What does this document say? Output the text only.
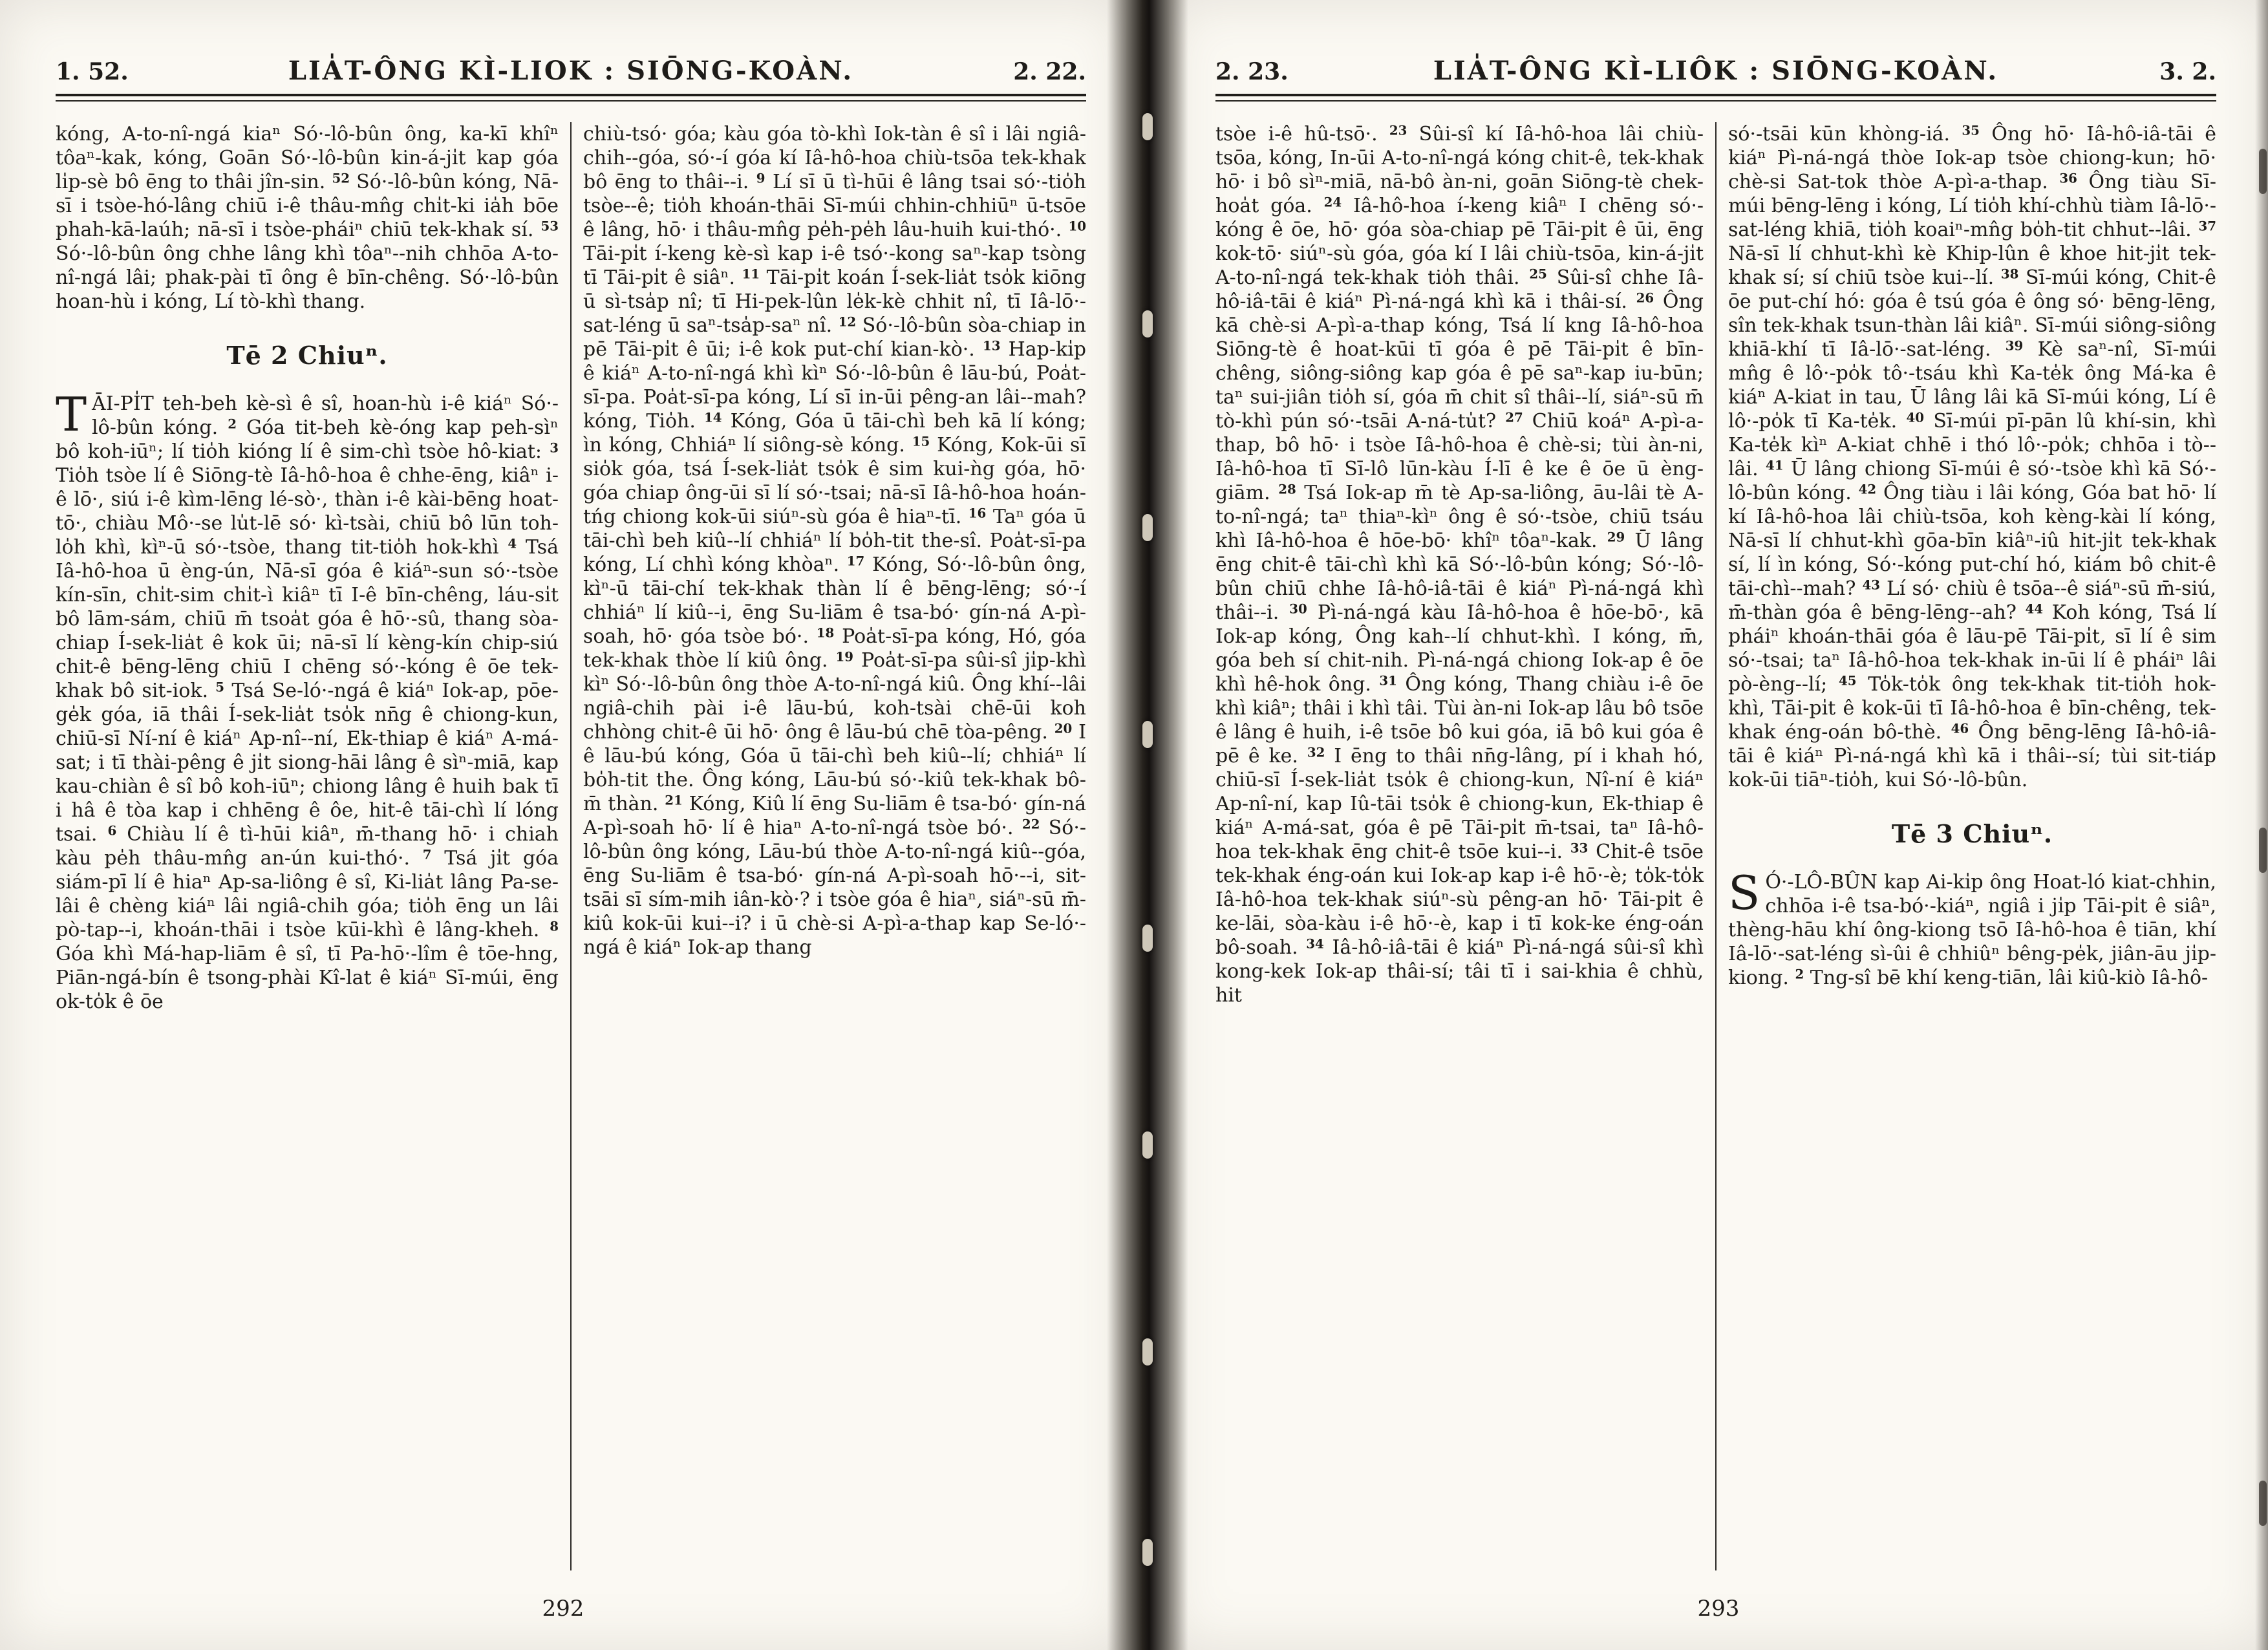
1. 52.	LIA̍T-ÔNG KÌ-LIOK : SIŌNG-KOÀN.	2. 22.
kóng, A-to-nî-ngá kiaⁿ Só·-lô-bûn ông, ka-kī khîⁿ tôaⁿ-kak, kóng, Goān Só·-lô-bûn kin-á-ji̍t kap góa li̍p-sè bô ēng to thâi jîn-sin. $^{52}$ Só·-lô-bûn kóng, Nā-sī i tsòe-hó-lâng chiū i-ê thâu-mn̂g chi̍t-ki ia̍h bōe phah-kā-laúh; nā-sī i tsòe-pháiⁿ chiū tek-khak sí. $^{53}$ Só·-lô-bûn ông chhe lâng khì tôaⁿ--nih chhōa A-to-nî-ngá lâi; phak-pài tī ông ê bīn-chêng. Só·-lô-bûn hoan-hù i kóng, Lí tò-khì thang.
Tē 2 Chiuⁿ.
TĀI-PI̍T teh-beh kè-sì ê sî, hoan-hù i-ê kiáⁿ Só·-lô-bûn kóng. $^2$ Góa tit-beh kè-óng kap peh-sìⁿ bô koh-iūⁿ; lí tio̍h kióng lí ê sim-chì tsòe hô-kiat: $^3$ Tio̍h tsòe lí ê Siōng-tè Iâ-hô-hoa ê chhe-ēng, kiâⁿ i-ê lō·, siú i-ê kìm-lēng lé-sò·, thàn i-ê kài-bēng hoat-tō·, chiàu Mô·-se lu̍t-lē só· kì-tsài, chiū bô lūn toh-lo̍h khì, kìⁿ-ū só·-tsòe, thang tit-tio̍h hok-khì $^4$ Tsá Iâ-hô-hoa ū èng-ún, Nā-sī góa ê kiáⁿ-sun só·-tsòe kín-sīn, chi̍t-sim chi̍t-ì kiâⁿ tī I-ê bīn-chêng, láu-si̍t bô lām-sám, chiū m̄ tsoa̍t góa ê hō·-sû, thang sòa-chiap Í-sek-lia̍t ê kok ūi; nā-sī lí kèng-kín chip-siú chit-ê bēng-lēng chiū I chēng só·-kóng ê ōe tek-khak bô sit-iok. $^5$ Tsá Se-ló·-ngá ê kiáⁿ Iok-ap, pōe-ge̍k góa, iā thâi Í-sek-lia̍t tso̍k nn̄g ê chiong-kun, chiū-sī Ní-ní ê kiáⁿ Ap-nî--ní, Ek-thiap ê kiáⁿ A-má-sat; i tī thài-pêng ê ji̍t siong-hāi lâng ê sìⁿ-miā, kap kau-chiàn ê sî bô koh-iūⁿ; chiong lâng ê huih bak tī i hâ ê tòa kap i chhēng ê ôe, hit-ê tāi-chì lí lóng tsai. $^6$ Chiàu lí ê tì-hūi kiâⁿ, m̄-thang hō· i chiah kàu pe̍h thâu-mn̂g an-ún kui-thó·. $^7$ Tsá ji̍t góa siám-pī lí ê hiaⁿ Ap-sa-liông ê sî, Ki-lia̍t lâng Pa-se-lâi ê chèng kiáⁿ lâi ngiâ-chih góa; tio̍h ēng un lâi pò-tap--i, khoán-thāi i tsòe kūi-khì ê lâng-kheh. $^8$ Góa khì Má-hap-liām ê sî, tī Pa-hō·-lîm ê tōe-hng, Piān-ngá-bín ê tsong-phài Kî-lat ê kiáⁿ Sī-múi, ēng ok-to̍k ê ōe
chiù-tsó· góa; kàu góa tò-khì Iok-tàn ê sî i lâi ngiâ-chih--góa, só·-í góa kí Iâ-hô-hoa chiù-tsōa tek-khak bô ēng to thâi--i. $^9$ Lí sī ū tì-hūi ê lâng tsai só·-tio̍h tsòe--ê; tio̍h khoán-thāi Sī-múi chhin-chhiūⁿ ū-tsōe ê lâng, hō· i thâu-mn̂g pe̍h-pe̍h lâu-huih kui-thó·. $^{10}$ Tāi-pi̍t í-keng kè-sì kap i-ê tsó·-kong saⁿ-kap tsòng tī Tāi-pi̍t ê siâⁿ. $^{11}$ Tāi-pi̍t koán Í-sek-lia̍t tso̍k kiōng ū sì-tsa̍p nî; tī Hi-pek-lûn le̍k-kè chhit nî, tī Iâ-lō·-sat-léng ū saⁿ-tsa̍p-saⁿ nî. $^{12}$ Só·-lô-bûn sòa-chiap in pē Tāi-pi̍t ê ūi; i-ê kok put-chí kian-kò·. $^{13}$ Hap-ki̍p ê kiáⁿ A-to-nî-ngá khì kìⁿ Só·-lô-bûn ê lāu-bú, Poa̍t-sī-pa. Poa̍t-sī-pa kóng, Lí sī in-ūi pêng-an lâi--mah? kóng, Tio̍h. $^{14}$ Kóng, Góa ū tāi-chì beh kā lí kóng; ìn kóng, Chhiáⁿ lí siông-sè kóng. $^{15}$ Kóng, Kok-ūi sī sio̍k góa, tsá Í-sek-lia̍t tso̍k ê sim kui-ǹg góa, hō· góa chiap ông-ūi sī lí só·-tsai; nā-sī Iâ-hô-hoa hoán-tńg chiong kok-ūi siúⁿ-sù góa ê hiaⁿ-tī. $^{16}$ Taⁿ góa ū tāi-chì beh kiû--lí chhiáⁿ lí bo̍h-tit the-sî. Poa̍t-sī-pa kóng, Lí chhì kóng khòaⁿ. $^{17}$ Kóng, Só·-lô-bûn ông, kìⁿ-ū tāi-chí tek-khak thàn lí ê bēng-lēng; só·-í chhiáⁿ lí kiû--i, ēng Su-liām ê tsa-bó· gín-ná A-pì-soah, hō· góa tsòe bó·. $^{18}$ Poa̍t-sī-pa kóng, Hó, góa tek-khak thòe lí kiû ông. $^{19}$ Poa̍t-sī-pa sûi-sî ji̍p-khì kìⁿ Só·-lô-bûn ông thòe A-to-nî-ngá kiû. Ông khí--lâi ngiâ-chih pài i-ê lāu-bú, koh-tsài chē-ūi koh chhòng chit-ê ūi hō· ông ê lāu-bú chē tòa-pêng. $^{20}$ I ê lāu-bú kóng, Góa ū tāi-chì beh kiû--lí; chhiáⁿ lí bo̍h-tit the. Ông kóng, Lāu-bú só·-kiû tek-khak bô-m̄ thàn. $^{21}$ Kóng, Kiû lí ēng Su-liām ê tsa-bó· gín-ná A-pì-soah hō· lí ê hiaⁿ A-to-nî-ngá tsòe bó·. $^{22}$ Só·-lô-bûn ông kóng, Lāu-bú thòe A-to-nî-ngá kiû--góa, ēng Su-liām ê tsa-bó· gín-ná A-pì-soah hō·--i, sit-tsāi sī sím-mih iân-kò·? i tsòe góa ê hiaⁿ, siáⁿ-sū m̄-kiû kok-ūi kui--i? i ū chè-si A-pì-a-thap kap Se-ló·-ngá ê kiáⁿ Iok-ap thang
292
2. 23.	LIA̍T-ÔNG KÌ-LIÔK : SIŌNG-KOÀN.	3. 2.
tsòe i-ê hû-tsō·. $^{23}$ Sûi-sî kí Iâ-hô-hoa lâi chiù-tsōa, kóng, In-ūi A-to-nî-ngá kóng chit-ê, tek-khak hō· i bô sìⁿ-miā, nā-bô àn-ni, goān Siōng-tè chek-hoa̍t góa. $^{24}$ Iâ-hô-hoa í-keng kiâⁿ I chēng só·-kóng ê ōe, hō· góa sòa-chiap pē Tāi-pi̍t ê ūi, ēng kok-tō· siúⁿ-sù góa, góa kí I lâi chiù-tsōa, kin-á-ji̍t A-to-nî-ngá tek-khak tio̍h thâi. $^{25}$ Sûi-sî chhe Iâ-hô-iâ-tāi ê kiáⁿ Pì-ná-ngá khì kā i thâi-sí. $^{26}$ Ông kā chè-si A-pì-a-thap kóng, Tsá lí kng Iâ-hô-hoa Siōng-tè ê hoat-kūi tī góa ê pē Tāi-pi̍t ê bīn-chêng, siông-siông kap góa ê pē saⁿ-kap iu-būn; taⁿ sui-jiân tio̍h sí, góa m̄ chit sî thâi--lí, siáⁿ-sū m̄ tò-khì pún só·-tsāi A-ná-tu̍t? $^{27}$ Chiū koáⁿ A-pì-a-thap, bô hō· i tsòe Iâ-hô-hoa ê chè-si; tùi àn-ni, Iâ-hô-hoa tī Sī-lô lūn-kàu Í-lī ê ke ê ōe ū èng-giām. $^{28}$ Tsá Iok-ap m̄ tè Ap-sa-liông, āu-lâi tè A-to-nî-ngá; taⁿ thiaⁿ-kìⁿ ông ê só·-tsòe, chiū tsáu khì Iâ-hô-hoa ê hōe-bō· khîⁿ tôaⁿ-kak. $^{29}$ Ū lâng ēng chit-ê tāi-chì khì kā Só·-lô-bûn kóng; Só·-lô-bûn chiū chhe Iâ-hô-iâ-tāi ê kiáⁿ Pì-ná-ngá khì thâi--i. $^{30}$ Pì-ná-ngá kàu Iâ-hô-hoa ê hōe-bō·, kā Iok-ap kóng, Ông kah--lí chhut-khì. I kóng, m̄, góa beh sí chit-nih. Pì-ná-ngá chiong Iok-ap ê ōe khì hê-hok ông. $^{31}$ Ông kóng, Thang chiàu i-ê ōe khì kiâⁿ; thâi i khì tâi. Tùi àn-ni Iok-ap lâu bô tsōe ê lâng ê huih, i-ê tsōe bô kui góa, iā bô kui góa ê pē ê ke. $^{32}$ I ēng to thâi nn̄g-lâng, pí i khah hó, chiū-sī Í-sek-lia̍t tso̍k ê chiong-kun, Nî-ní ê kiáⁿ Ap-nî-ní, kap Iû-tāi tso̍k ê chiong-kun, Ek-thiap ê kiáⁿ A-má-sat, góa ê pē Tāi-pi̍t m̄-tsai, taⁿ Iâ-hô-hoa tek-khak ēng chit-ê tsōe kui--i. $^{33}$ Chit-ê tsōe tek-khak éng-oán kui Iok-ap kap i-ê hō·-è; to̍k-to̍k Iâ-hô-hoa tek-khak siúⁿ-sù pêng-an hō· Tāi-pi̍t ê ke-lāi, sòa-kàu i-ê hō·-è, kap i tī kok-ke éng-oán bô-soah. $^{34}$ Iâ-hô-iâ-tāi ê kiáⁿ Pì-ná-ngá sûi-sî khì kong-kek Iok-ap thâi-sí; tâi tī i sai-khia ê chhù, hit
só·-tsāi kūn khòng-iá. $^{35}$ Ông hō· Iâ-hô-iâ-tāi ê kiáⁿ Pì-ná-ngá thòe Iok-ap tsòe chiong-kun; hō· chè-si Sat-tok thòe A-pì-a-thap. $^{36}$ Ông tiàu Sī-múi bēng-lēng i kóng, Lí tio̍h khí-chhù tiàm Iâ-lō·-sat-léng khiā, tio̍h koaiⁿ-mn̂g bo̍h-tit chhut--lâi. $^{37}$ Nā-sī lí chhut-khì kè Khip-lûn ê khoe hit-ji̍t tek-khak sí; sí chiū tsòe kui--lí. $^{38}$ Sī-múi kóng, Chit-ê ōe put-chí hó: góa ê tsú góa ê ông só· bēng-lēng, sîn tek-khak tsun-thàn lâi kiâⁿ. Sī-múi siông-siông khiā-khí tī Iâ-lō·-sat-léng. $^{39}$ Kè saⁿ-nî, Sī-múi mn̂g ê lô·-po̍k tô·-tsáu khì Ka-te̍k ông Má-ka ê kiáⁿ A-kiat in tau, Ū lâng lâi kā Sī-múi kóng, Lí ê lô·-po̍k tī Ka-te̍k. $^{40}$ Sī-múi pī-pān lû khí-sin, khì Ka-te̍k kìⁿ A-kiat chhē i thó lô·-po̍k; chhōa i tò--lâi. $^{41}$ Ū lâng chiong Sī-múi ê só·-tsòe khì kā Só·-lô-bûn kóng. $^{42}$ Ông tiàu i lâi kóng, Góa bat hō· lí kí Iâ-hô-hoa lâi chiù-tsōa, koh kèng-kài lí kóng, Nā-sī lí chhut-khì gōa-bīn kiâⁿ-iû hit-ji̍t tek-khak sí, lí ìn kóng, Só·-kóng put-chí hó, kiám bô chit-ê tāi-chì--mah? $^{43}$ Lí só· chiù ê tsōa--ê siáⁿ-sū m̄-siú, m̄-thàn góa ê bēng-lēng--ah? $^{44}$ Koh kóng, Tsá lí pháiⁿ khoán-thāi góa ê lāu-pē Tāi-pi̍t, sī lí ê sim só·-tsai; taⁿ Iâ-hô-hoa tek-khak in-ūi lí ê pháiⁿ lâi pò-èng--lí; $^{45}$ To̍k-to̍k ông tek-khak tit-tio̍h hok-khì, Tāi-pi̍t ê kok-ūi tī Iâ-hô-hoa ê bīn-chêng, tek-khak éng-oán bô-thè. $^{46}$ Ông bēng-lēng Iâ-hô-iâ-tāi ê kiáⁿ Pì-ná-ngá khì kā i thâi--sí; tùi sit-tiáp kok-ūi tiāⁿ-tio̍h, kui Só·-lô-bûn.
Tē 3 Chiuⁿ.
S Ó·-LÔ-BÛN kap Ai-ki̍p ông Hoat-ló kiat-chhin, chhōa i-ê tsa-bó·-kiáⁿ, ngiâ i ji̍p Tāi-pi̍t ê siâⁿ, thèng-hāu khí ông-kiong tsō Iâ-hô-hoa ê tiān, khí Iâ-lō·-sat-léng sì-ûi ê chhiûⁿ bêng-pe̍k, jiân-āu ji̍p-kiong. $^2$ Tng-sî bē khí keng-tiān, lâi kiû-kiò Iâ-hô-
293
